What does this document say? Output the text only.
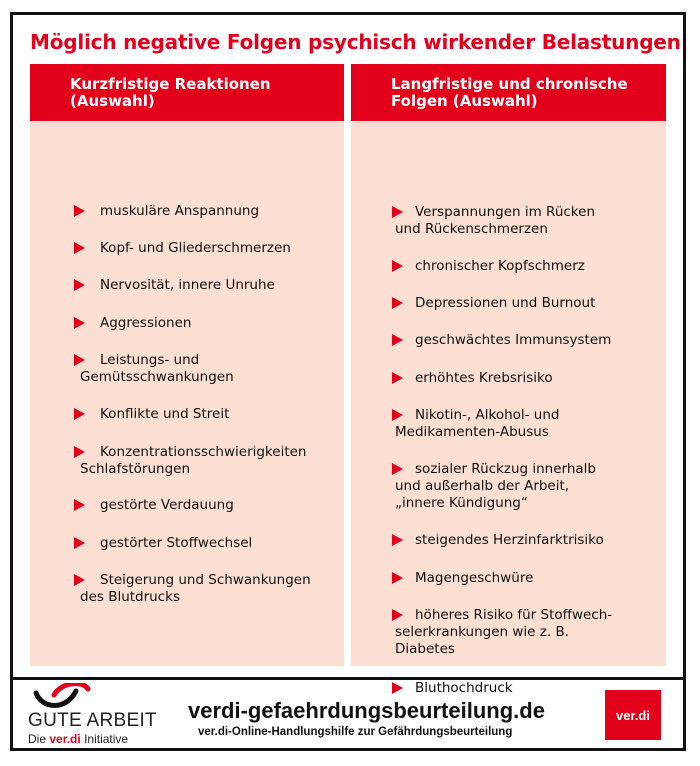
Möglich negative Folgen psychisch wirkender Belastungen
Kurzfristige Reaktionen
(Auswahl)
muskuläre Anspannung
Kopf- und Gliederschmerzen
Nervosität, innere Unruhe
Aggressionen
Leistungs- und
Gemütsschwankungen
Konflikte und Streit
Konzentrationsschwierigkeiten
Schlafstörungen
gestörte Verdauung
gestörter Stoffwechsel
Steigerung und Schwankungen
des Blutdrucks
Langfristige und chronische
Folgen (Auswahl)
Verspannungen im Rücken
und Rückenschmerzen
chronischer Kopfschmerz
Depressionen und Burnout
geschwächtes Immunsystem
erhöhtes Krebsrisiko
Nikotin-, Alkohol- und
Medikamenten-Abusus
sozialer Rückzug innerhalb
und außerhalb der Arbeit,
„innere Kündigung“
steigendes Herzinfarktrisiko
Magengeschwüre
höheres Risiko für Stoffwech-
selerkrankungen wie z. B.
Diabetes
Bluthochdruck
GUTE ARBEIT
Die ver.di Initiative
verdi-gefaehrdungsbeurteilung.de
ver.di-Online-Handlungshilfe zur Gefährdungsbeurteilung
ver.di
